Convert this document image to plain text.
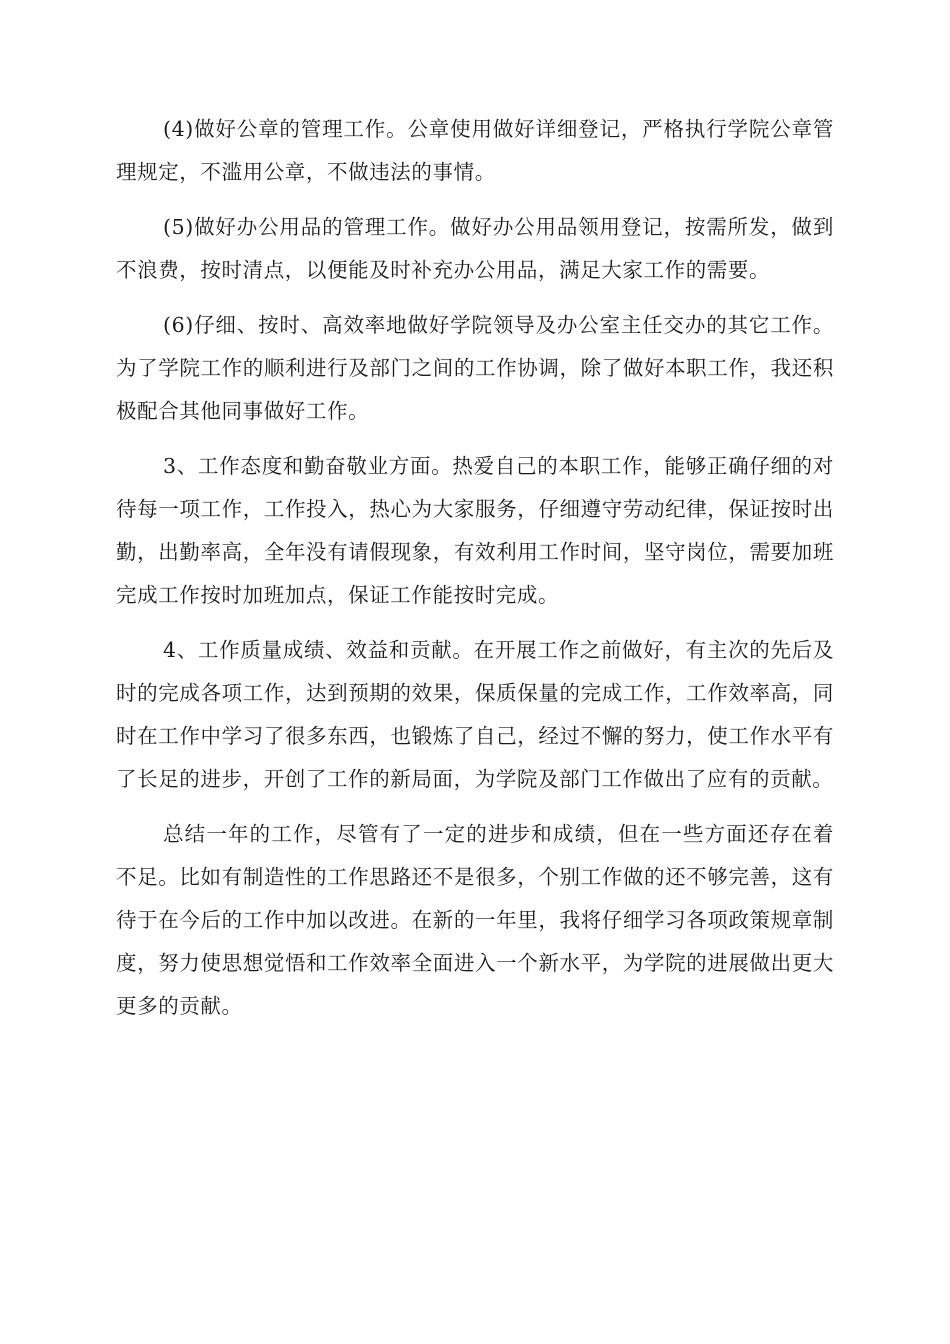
(4)做好公章的管理工作。公章使用做好详细登记，严格执行学院公章管理规定，不滥用公章，不做违法的事情。

(5)做好办公用品的管理工作。做好办公用品领用登记，按需所发，做到不浪费，按时清点，以便能及时补充办公用品，满足大家工作的需要。

(6)仔细、按时、高效率地做好学院领导及办公室主任交办的其它工作。为了学院工作的顺利进行及部门之间的工作协调，除了做好本职工作，我还积极配合其他同事做好工作。

3、工作态度和勤奋敬业方面。热爱自己的本职工作，能够正确仔细的对待每一项工作，工作投入，热心为大家服务，仔细遵守劳动纪律，保证按时出勤，出勤率高，全年没有请假现象，有效利用工作时间，坚守岗位，需要加班完成工作按时加班加点，保证工作能按时完成。

4、工作质量成绩、效益和贡献。在开展工作之前做好，有主次的先后及时的完成各项工作，达到预期的效果，保质保量的完成工作，工作效率高，同时在工作中学习了很多东西，也锻炼了自己，经过不懈的努力，使工作水平有了长足的进步，开创了工作的新局面，为学院及部门工作做出了应有的贡献。

总结一年的工作，尽管有了一定的进步和成绩，但在一些方面还存在着不足。比如有制造性的工作思路还不是很多，个别工作做的还不够完善，这有待于在今后的工作中加以改进。在新的一年里，我将仔细学习各项政策规章制度，努力使思想觉悟和工作效率全面进入一个新水平，为学院的进展做出更大更多的贡献。
